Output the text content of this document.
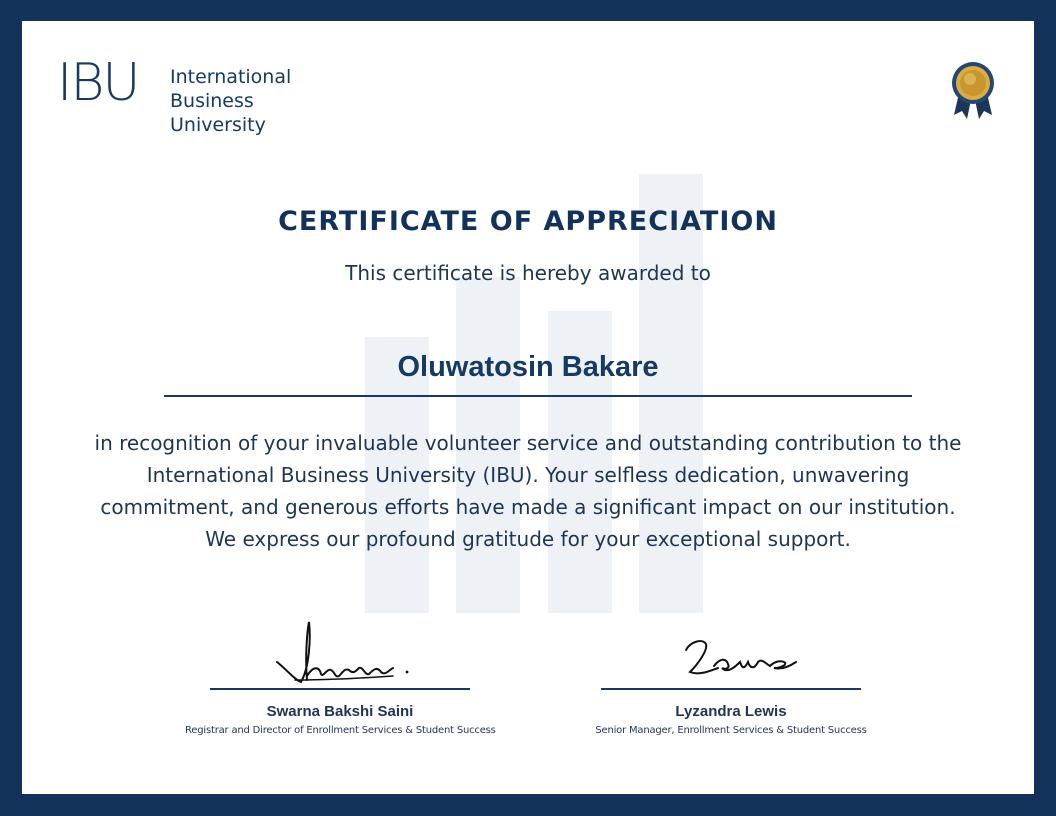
IBU International
Business
University
CERTIFICATE OF APPRECIATION
This certificate is hereby awarded to
Oluwatosin Bakare
in recognition of your invaluable volunteer service and outstanding contribution to the International Business University (IBU). Your selfless dedication, unwavering commitment, and generous efforts have made a significant impact on our institution. We express our profound gratitude for your exceptional support.
Swarna Bakshi Saini
Registrar and Director of Enrollment Services & Student Success
Lyzandra Lewis
Senior Manager, Enrollment Services & Student Success
